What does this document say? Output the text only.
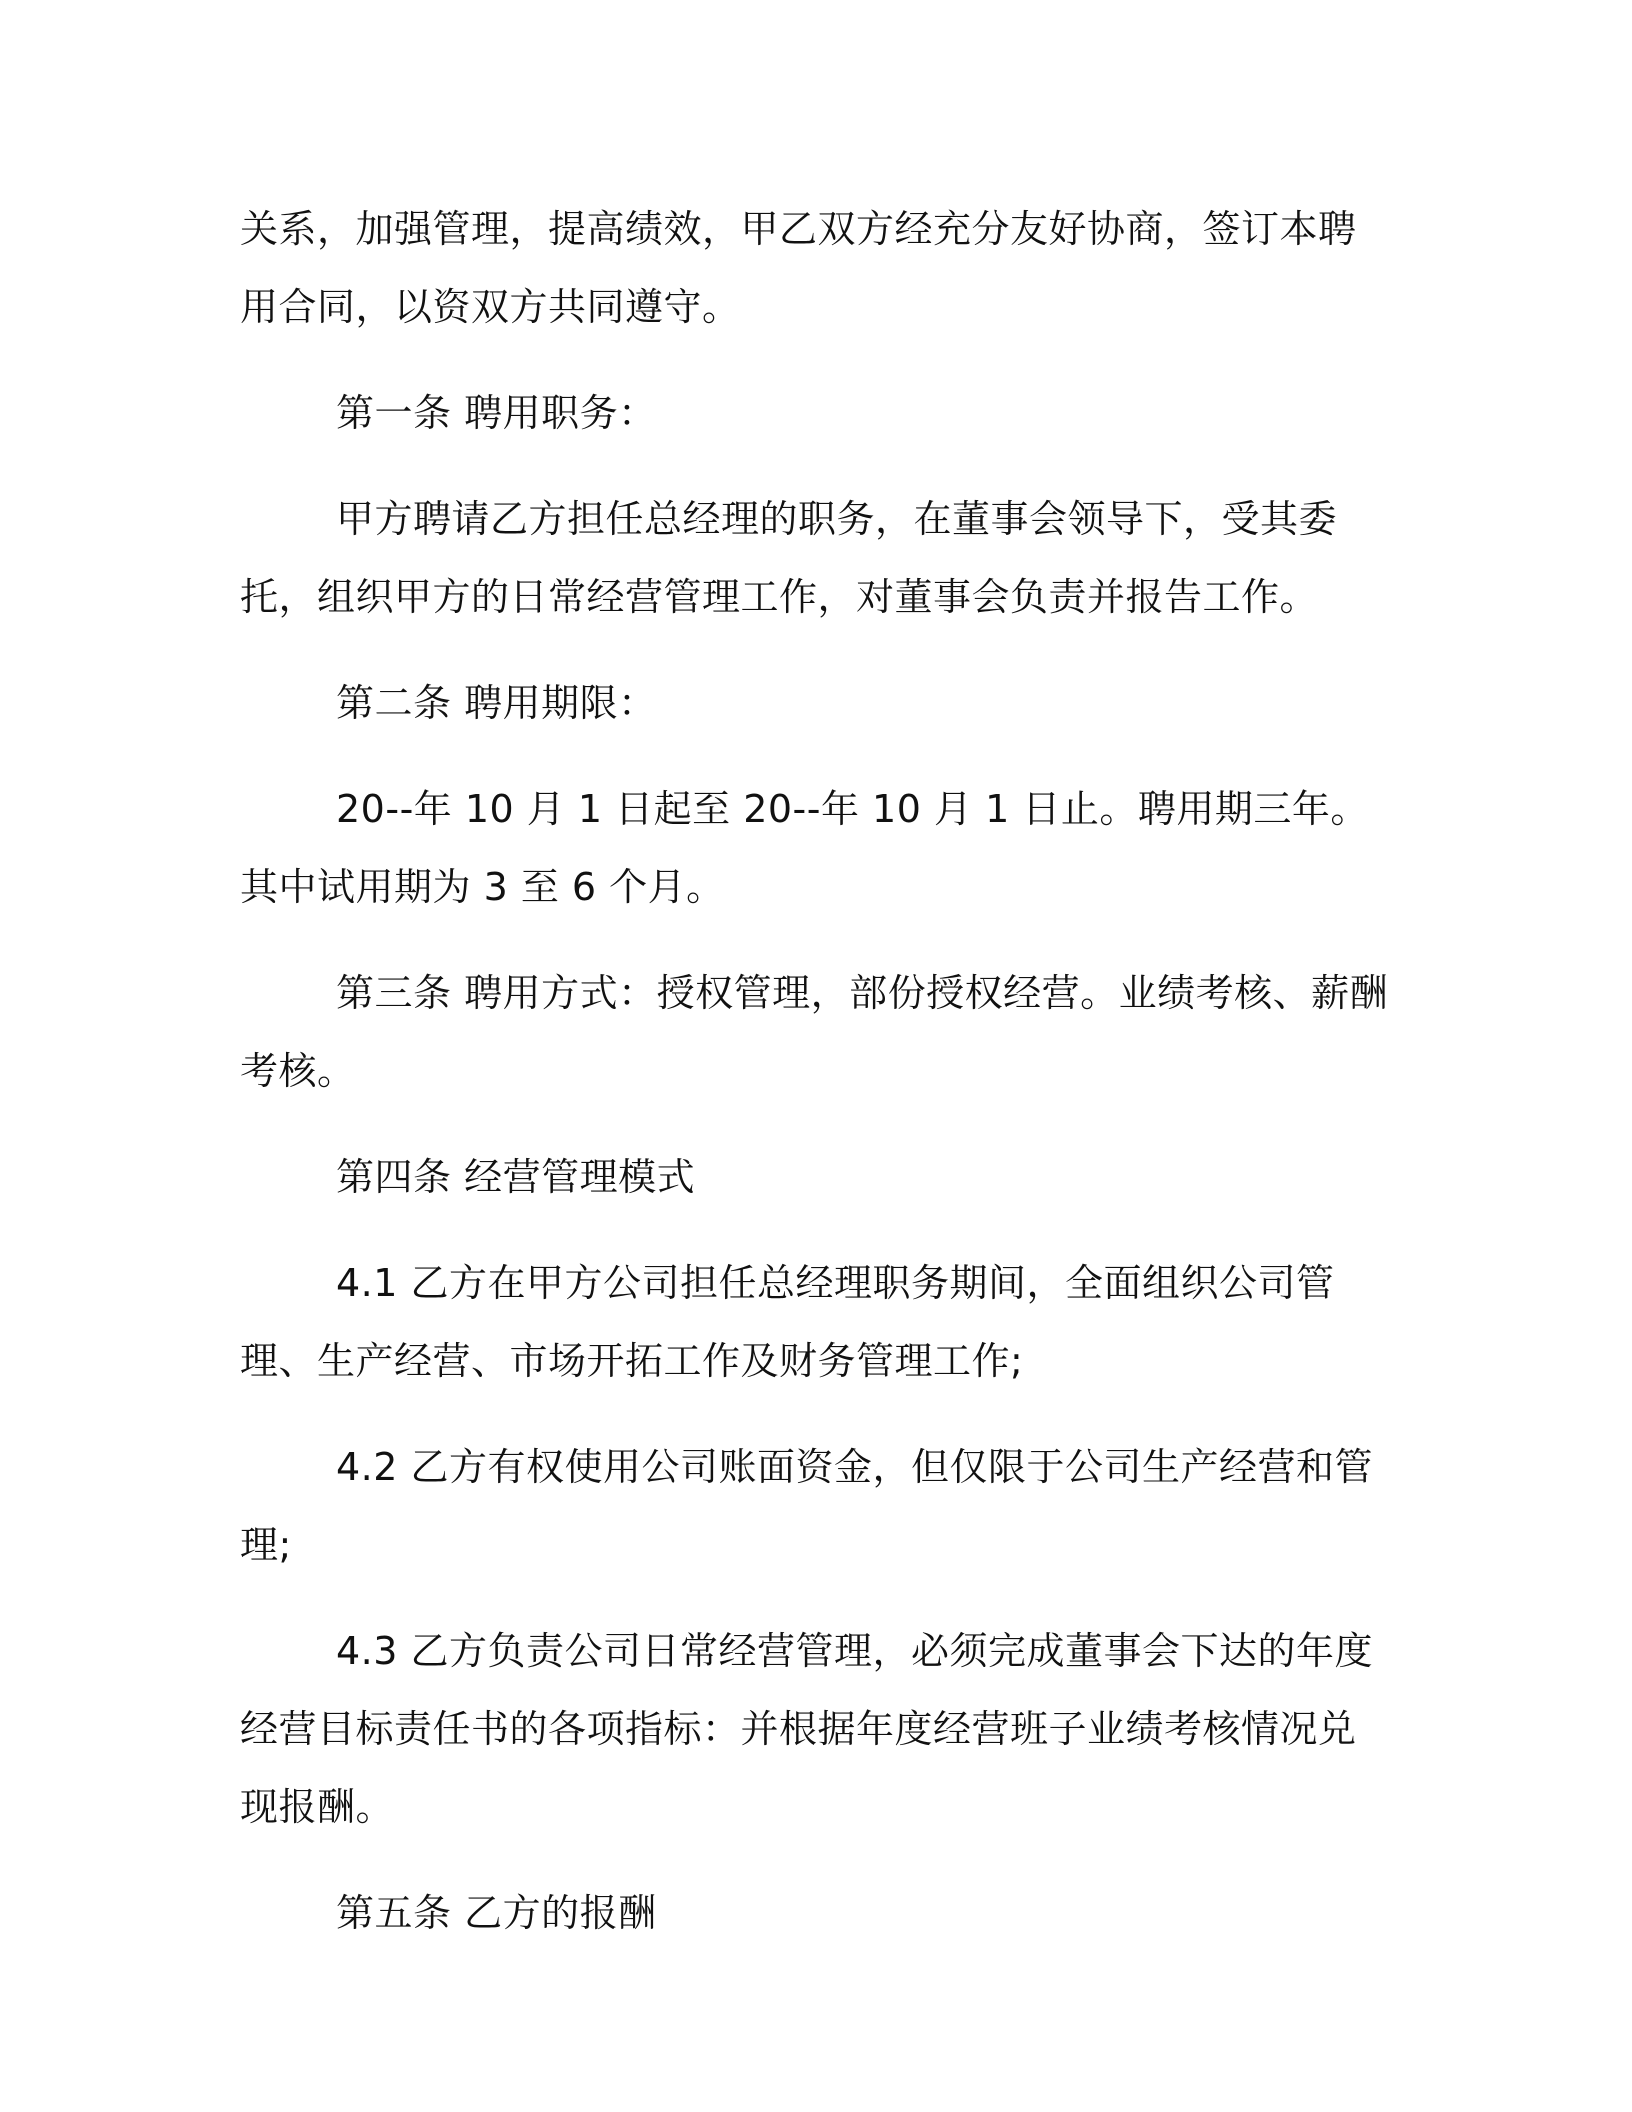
关系，加强管理，提高绩效，甲乙双方经充分友好协商，签订本聘用合同，以资双方共同遵守。

第一条 聘用职务：

甲方聘请乙方担任总经理的职务，在董事会领导下，受其委托，组织甲方的日常经营管理工作，对董事会负责并报告工作。

第二条 聘用期限：

20--年 10 月 1 日起至 20--年 10 月 1 日止。聘用期三年。其中试用期为 3 至 6 个月。

第三条 聘用方式：授权管理，部份授权经营。业绩考核、薪酬考核。

第四条 经营管理模式

4.1 乙方在甲方公司担任总经理职务期间，全面组织公司管理、生产经营、市场开拓工作及财务管理工作;

4.2 乙方有权使用公司账面资金，但仅限于公司生产经营和管理;

4.3 乙方负责公司日常经营管理，必须完成董事会下达的年度经营目标责任书的各项指标：并根据年度经营班子业绩考核情况兑现报酬。

第五条 乙方的报酬
